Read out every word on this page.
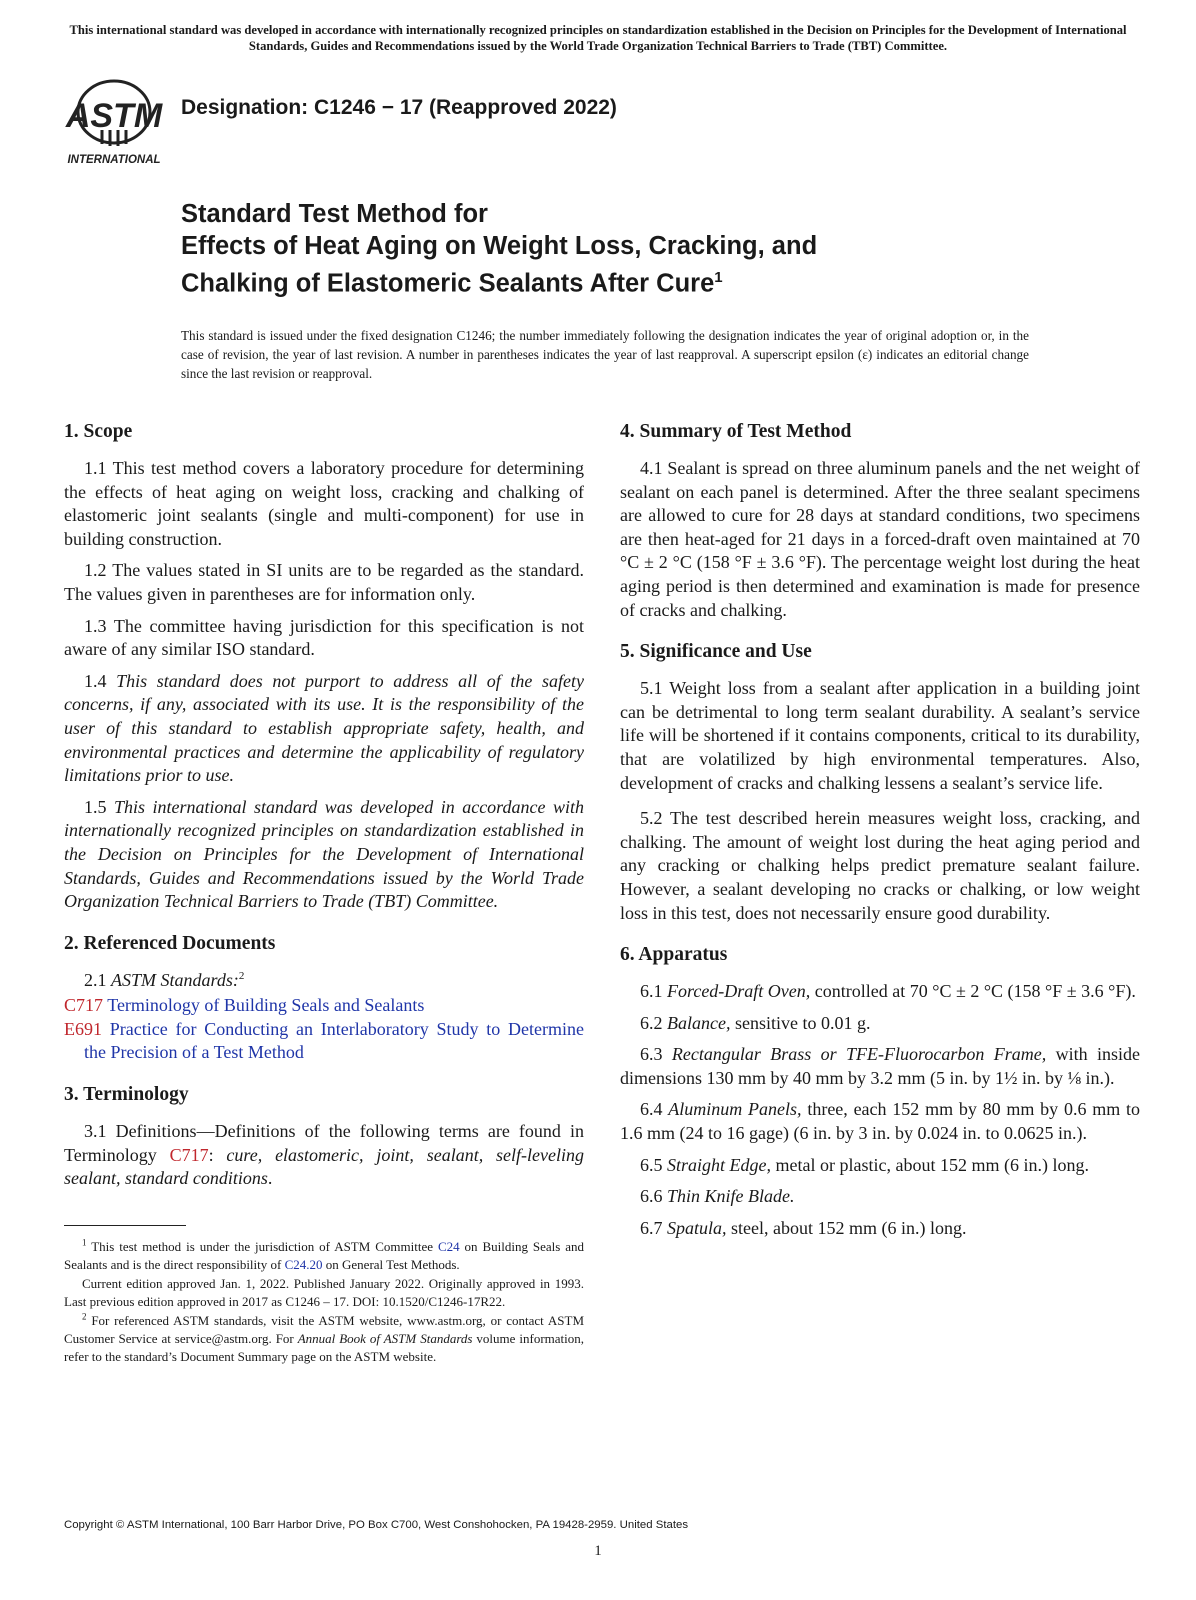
This international standard was developed in accordance with internationally recognized principles on standardization established in the Decision on Principles for the Development of International Standards, Guides and Recommendations issued by the World Trade Organization Technical Barriers to Trade (TBT) Committee.
ASTM
INTERNATIONAL
Designation: C1246 − 17 (Reapproved 2022)
Standard Test Method for
Effects of Heat Aging on Weight Loss, Cracking, and
Chalking of Elastomeric Sealants After Cure$^1$
This standard is issued under the fixed designation C1246; the number immediately following the designation indicates the year of original adoption or, in the case of revision, the year of last revision. A number in parentheses indicates the year of last reapproval. A superscript epsilon (ε) indicates an editorial change since the last revision or reapproval.
1. Scope

1.1 This test method covers a laboratory procedure for determining the effects of heat aging on weight loss, cracking and chalking of elastomeric joint sealants (single and multi-component) for use in building construction.

1.2 The values stated in SI units are to be regarded as the standard. The values given in parentheses are for information only.

1.3 The committee having jurisdiction for this specification is not aware of any similar ISO standard.

1.4 This standard does not purport to address all of the safety concerns, if any, associated with its use. It is the responsibility of the user of this standard to establish appropriate safety, health, and environmental practices and determine the applicability of regulatory limitations prior to use.

1.5 This international standard was developed in accordance with internationally recognized principles on standardization established in the Decision on Principles for the Development of International Standards, Guides and Recommendations issued by the World Trade Organization Technical Barriers to Trade (TBT) Committee.

2. Referenced Documents

2.1 ASTM Standards:$^2$

C717 Terminology of Building Seals and Sealants

E691 Practice for Conducting an Interlaboratory Study to Determine the Precision of a Test Method

3. Terminology

3.1 Definitions—Definitions of the following terms are found in Terminology C717: cure, elastomeric, joint, sealant, self-leveling sealant, standard conditions.

$^1$ This test method is under the jurisdiction of ASTM Committee C24 on Building Seals and Sealants and is the direct responsibility of C24.20 on General Test Methods.

Current edition approved Jan. 1, 2022. Published January 2022. Originally approved in 1993. Last previous edition approved in 2017 as C1246 – 17. DOI: 10.1520/C1246-17R22.

$^2$ For referenced ASTM standards, visit the ASTM website, www.astm.org, or contact ASTM Customer Service at service@astm.org. For Annual Book of ASTM Standards volume information, refer to the standard’s Document Summary page on the ASTM website.

4. Summary of Test Method

4.1 Sealant is spread on three aluminum panels and the net weight of sealant on each panel is determined. After the three sealant specimens are allowed to cure for 28 days at standard conditions, two specimens are then heat-aged for 21 days in a forced-draft oven maintained at 70 °C ± 2 °C (158 °F ± 3.6 °F). The percentage weight lost during the heat aging period is then determined and examination is made for presence of cracks and chalking.

5. Significance and Use

5.1 Weight loss from a sealant after application in a building joint can be detrimental to long term sealant durability. A sealant’s service life will be shortened if it contains components, critical to its durability, that are volatilized by high environmental temperatures. Also, development of cracks and chalking lessens a sealant’s service life.

5.2 The test described herein measures weight loss, cracking, and chalking. The amount of weight lost during the heat aging period and any cracking or chalking helps predict premature sealant failure. However, a sealant developing no cracks or chalking, or low weight loss in this test, does not necessarily ensure good durability.

6. Apparatus

6.1 Forced-Draft Oven, controlled at 70 °C ± 2 °C (158 °F ± 3.6 °F).

6.2 Balance, sensitive to 0.01 g.

6.3 Rectangular Brass or TFE-Fluorocarbon Frame, with inside dimensions 130 mm by 40 mm by 3.2 mm (5 in. by 1½ in. by ⅛ in.).

6.4 Aluminum Panels, three, each 152 mm by 80 mm by 0.6 mm to 1.6 mm (24 to 16 gage) (6 in. by 3 in. by 0.024 in. to 0.0625 in.).

6.5 Straight Edge, metal or plastic, about 152 mm (6 in.) long.

6.6 Thin Knife Blade.

6.7 Spatula, steel, about 152 mm (6 in.) long.

Copyright © ASTM International, 100 Barr Harbor Drive, PO Box C700, West Conshohocken, PA 19428-2959. United States
1
